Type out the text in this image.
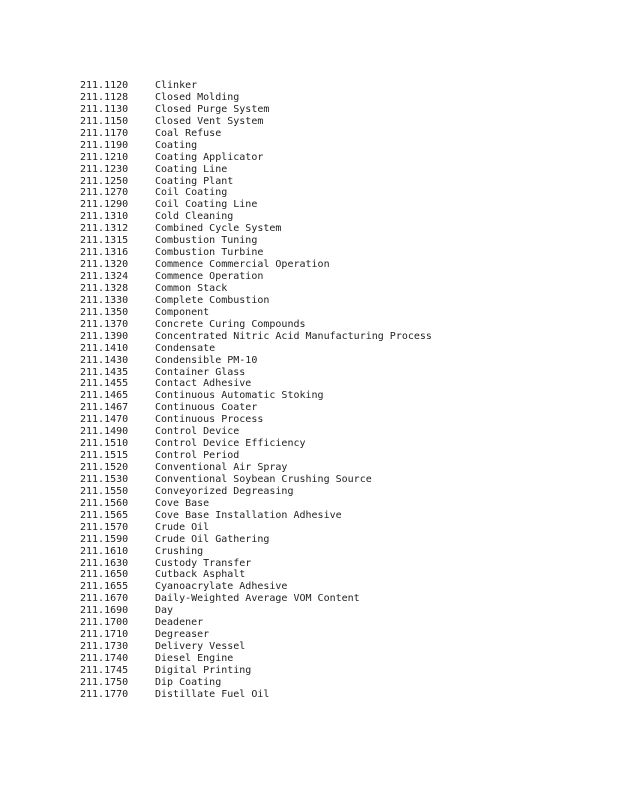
211.1120	Clinker
211.1128	Closed Molding
211.1130	Closed Purge System
211.1150	Closed Vent System
211.1170	Coal Refuse
211.1190	Coating
211.1210	Coating Applicator
211.1230	Coating Line
211.1250	Coating Plant
211.1270	Coil Coating
211.1290	Coil Coating Line
211.1310	Cold Cleaning
211.1312	Combined Cycle System
211.1315	Combustion Tuning
211.1316	Combustion Turbine
211.1320	Commence Commercial Operation
211.1324	Commence Operation
211.1328	Common Stack
211.1330	Complete Combustion
211.1350	Component
211.1370	Concrete Curing Compounds
211.1390	Concentrated Nitric Acid Manufacturing Process
211.1410	Condensate
211.1430	Condensible PM-10
211.1435	Container Glass
211.1455	Contact Adhesive
211.1465	Continuous Automatic Stoking
211.1467	Continuous Coater
211.1470	Continuous Process
211.1490	Control Device
211.1510	Control Device Efficiency
211.1515	Control Period
211.1520	Conventional Air Spray
211.1530	Conventional Soybean Crushing Source
211.1550	Conveyorized Degreasing
211.1560	Cove Base
211.1565	Cove Base Installation Adhesive
211.1570	Crude Oil
211.1590	Crude Oil Gathering
211.1610	Crushing
211.1630	Custody Transfer
211.1650	Cutback Asphalt
211.1655	Cyanoacrylate Adhesive
211.1670	Daily-Weighted Average VOM Content
211.1690	Day
211.1700	Deadener
211.1710	Degreaser
211.1730	Delivery Vessel
211.1740	Diesel Engine
211.1745	Digital Printing
211.1750	Dip Coating
211.1770	Distillate Fuel Oil
